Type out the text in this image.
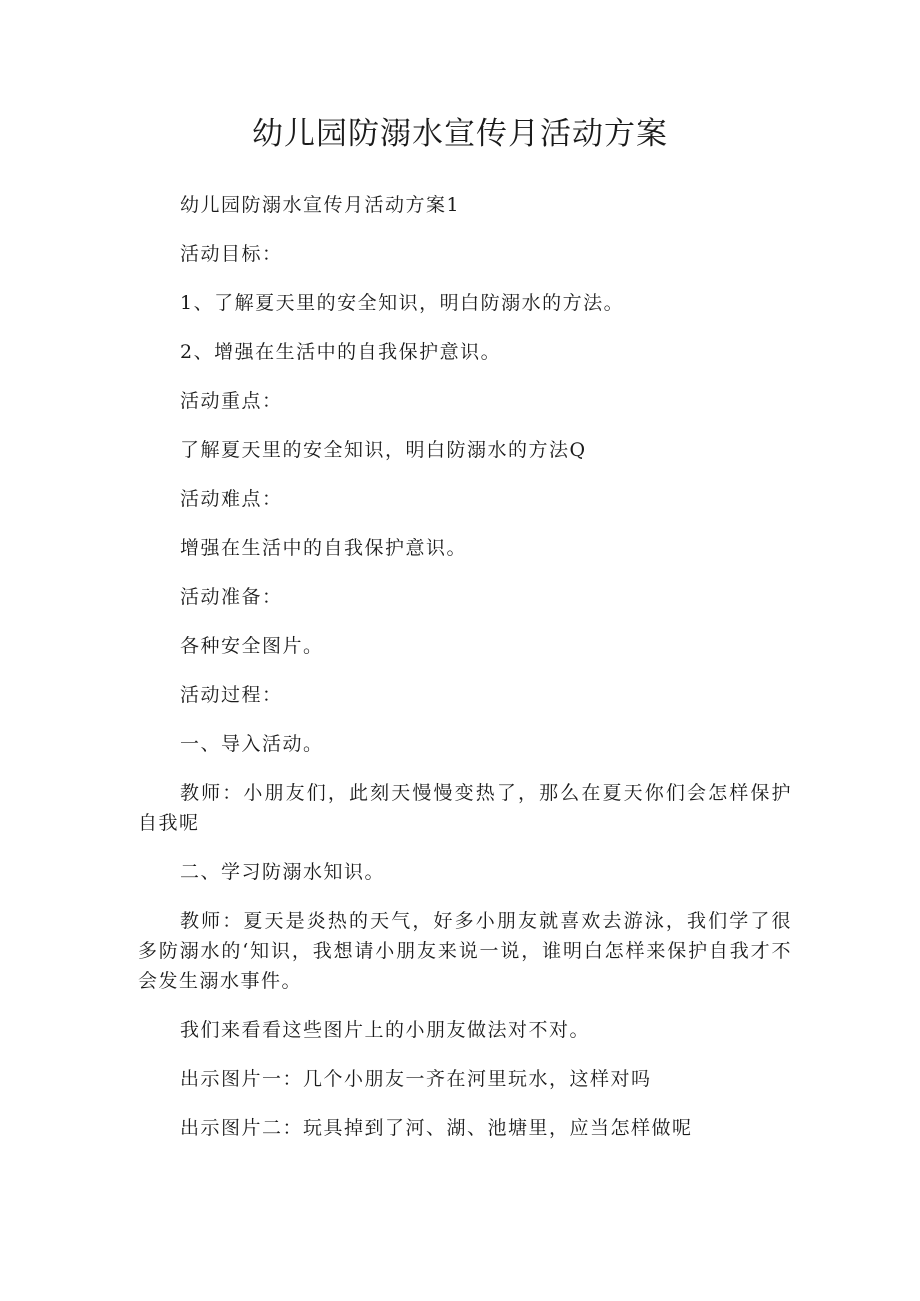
幼儿园防溺水宣传月活动方案

幼儿园防溺水宣传月活动方案1

活动目标：

1、了解夏天里的安全知识，明白防溺水的方法。

2、增强在生活中的自我保护意识。

活动重点：

了解夏天里的安全知识，明白防溺水的方法Q

活动难点：

增强在生活中的自我保护意识。

活动准备：

各种安全图片。

活动过程：

一、导入活动。

教师：小朋友们，此刻天慢慢变热了，那么在夏天你们会怎样保护自我呢

二、学习防溺水知识。

教师：夏天是炎热的天气，好多小朋友就喜欢去游泳，我们学了很多防溺水的‘知识，我想请小朋友来说一说，谁明白怎样来保护自我才不会发生溺水事件。

我们来看看这些图片上的小朋友做法对不对。

出示图片一：几个小朋友一齐在河里玩水，这样对吗

出示图片二：玩具掉到了河、湖、池塘里，应当怎样做呢
